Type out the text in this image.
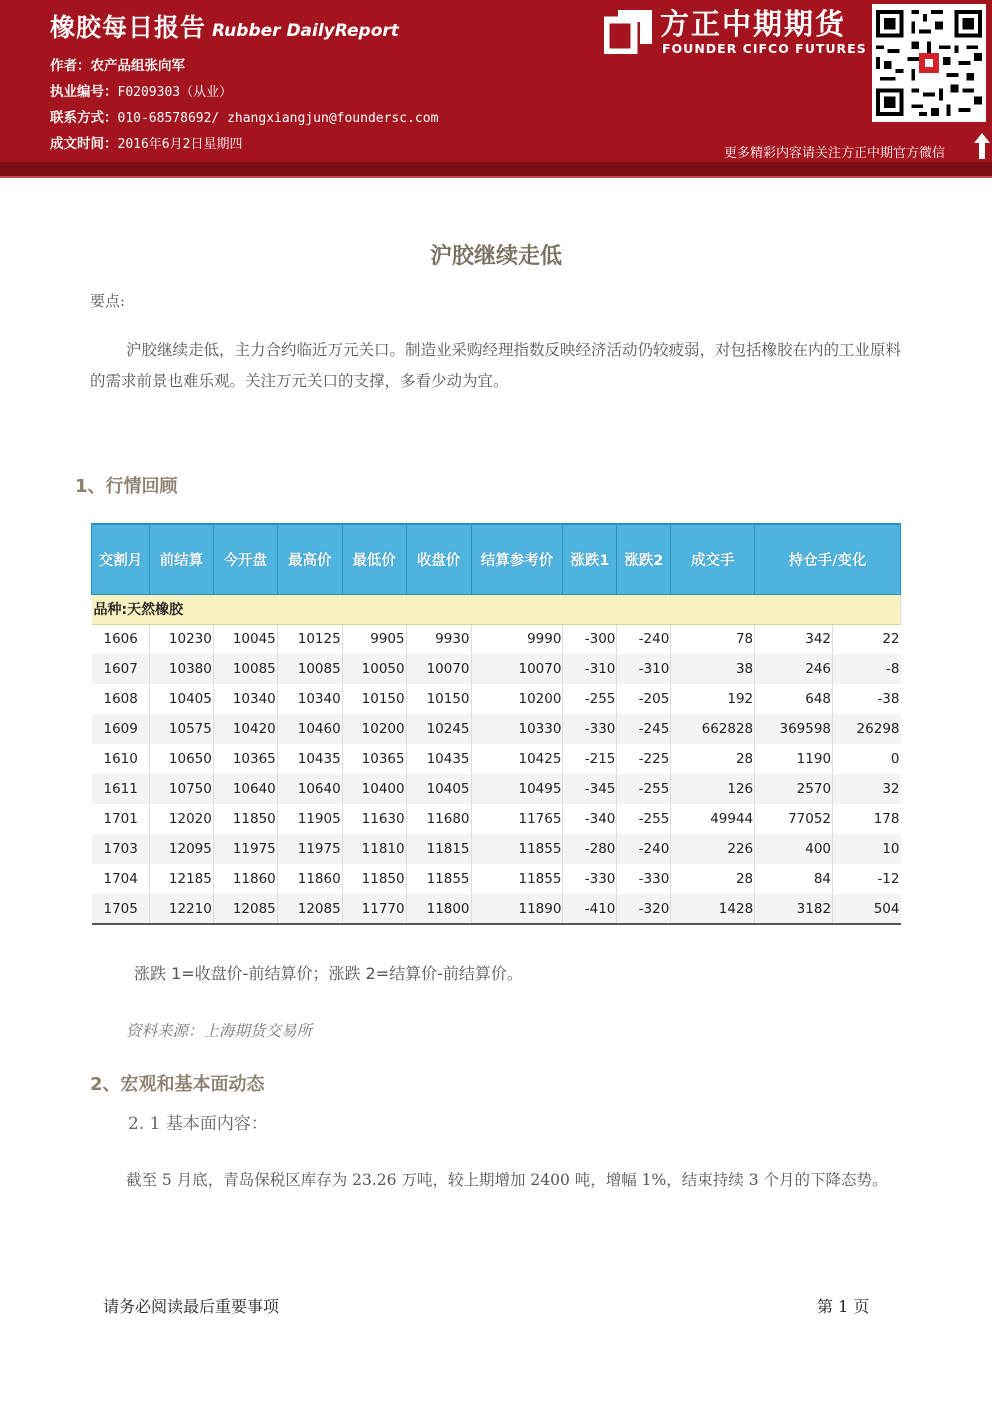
橡胶每日报告 Rubber DailyReport
作者：农产品组张向军
执业编号：F0209303（从业）
联系方式：010-68578692/ zhangxiangjun@foundersc.com
成文时间：2016年6月2日星期四
方正中期期货
FOUNDER CIFCO FUTURES
更多精彩内容请关注方正中期官方微信
沪胶继续走低
要点:
沪胶继续走低，主力合约临近万元关口。制造业采购经理指数反映经济活动仍较疲弱，对包括橡胶在内的工业原料的需求前景也难乐观。关注万元关口的支撑，多看少动为宜。
1、行情回顾
交割月	前结算	今开盘	最高价	最低价	收盘价	结算参考价	涨跌1	涨跌2	成交手	持仓手/变化	
品种:天然橡胶											
1606	10230	10045	10125	9905	9930	9990	-300	-240	78	342	22
1607	10380	10085	10085	10050	10070	10070	-310	-310	38	246	-8
1608	10405	10340	10340	10150	10150	10200	-255	-205	192	648	-38
1609	10575	10420	10460	10200	10245	10330	-330	-245	662828	369598	26298
1610	10650	10365	10435	10365	10435	10425	-215	-225	28	1190	0
1611	10750	10640	10640	10400	10405	10495	-345	-255	126	2570	32
1701	12020	11850	11905	11630	11680	11765	-340	-255	49944	77052	178
1703	12095	11975	11975	11810	11815	11855	-280	-240	226	400	10
1704	12185	11860	11860	11850	11855	11855	-330	-330	28	84	-12
1705	12210	12085	12085	11770	11800	11890	-410	-320	1428	3182	504
涨跌 1=收盘价-前结算价；涨跌 2=结算价-前结算价。
资料来源：上海期货交易所
2、宏观和基本面动态
2. 1 基本面内容：
截至 5 月底，青岛保税区库存为 23.26 万吨，较上期增加 2400 吨，增幅 1%，结束持续 3 个月的下降态势。
请务必阅读最后重要事项	第 1 页
